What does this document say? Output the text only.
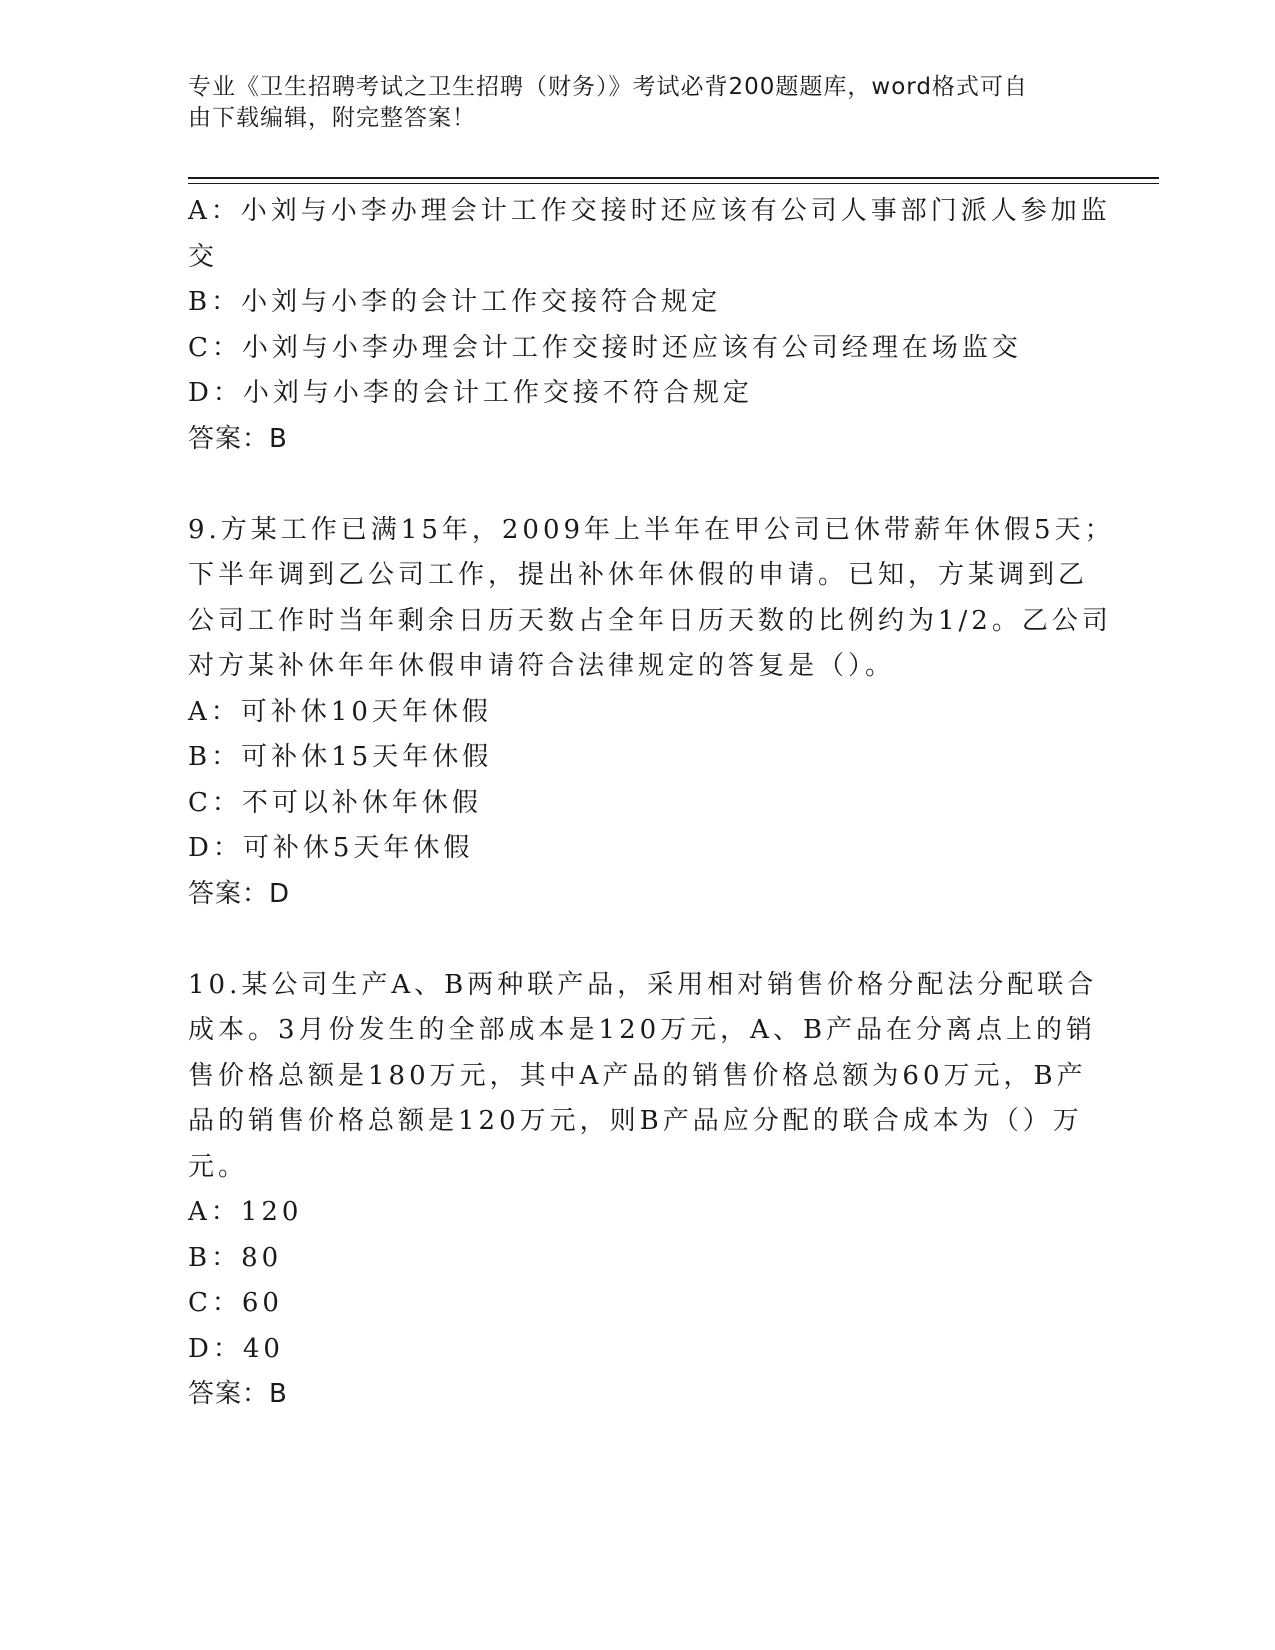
专业《卫生招聘考试之卫生招聘（财务）》考试必背200题题库，word格式可自
由下载编辑，附完整答案！
A：小刘与小李办理会计工作交接时还应该有公司人事部门派人参加监
交
B：小刘与小李的会计工作交接符合规定
C：小刘与小李办理会计工作交接时还应该有公司经理在场监交
D：小刘与小李的会计工作交接不符合规定
答案：B
9.方某工作已满15年，2009年上半年在甲公司已休带薪年休假5天；
下半年调到乙公司工作，提出补休年休假的申请。已知，方某调到乙
公司工作时当年剩余日历天数占全年日历天数的比例约为1/2。乙公司
对方某补休年年休假申请符合法律规定的答复是（）。
A：可补休10天年休假
B：可补休15天年休假
C：不可以补休年休假
D：可补休5天年休假
答案：D
10.某公司生产A、B两种联产品，采用相对销售价格分配法分配联合
成本。3月份发生的全部成本是120万元，A、B产品在分离点上的销
售价格总额是180万元，其中A产品的销售价格总额为60万元，B产
品的销售价格总额是120万元，则B产品应分配的联合成本为（）万
元。
A：120
B：80
C：60
D：40
答案：B
